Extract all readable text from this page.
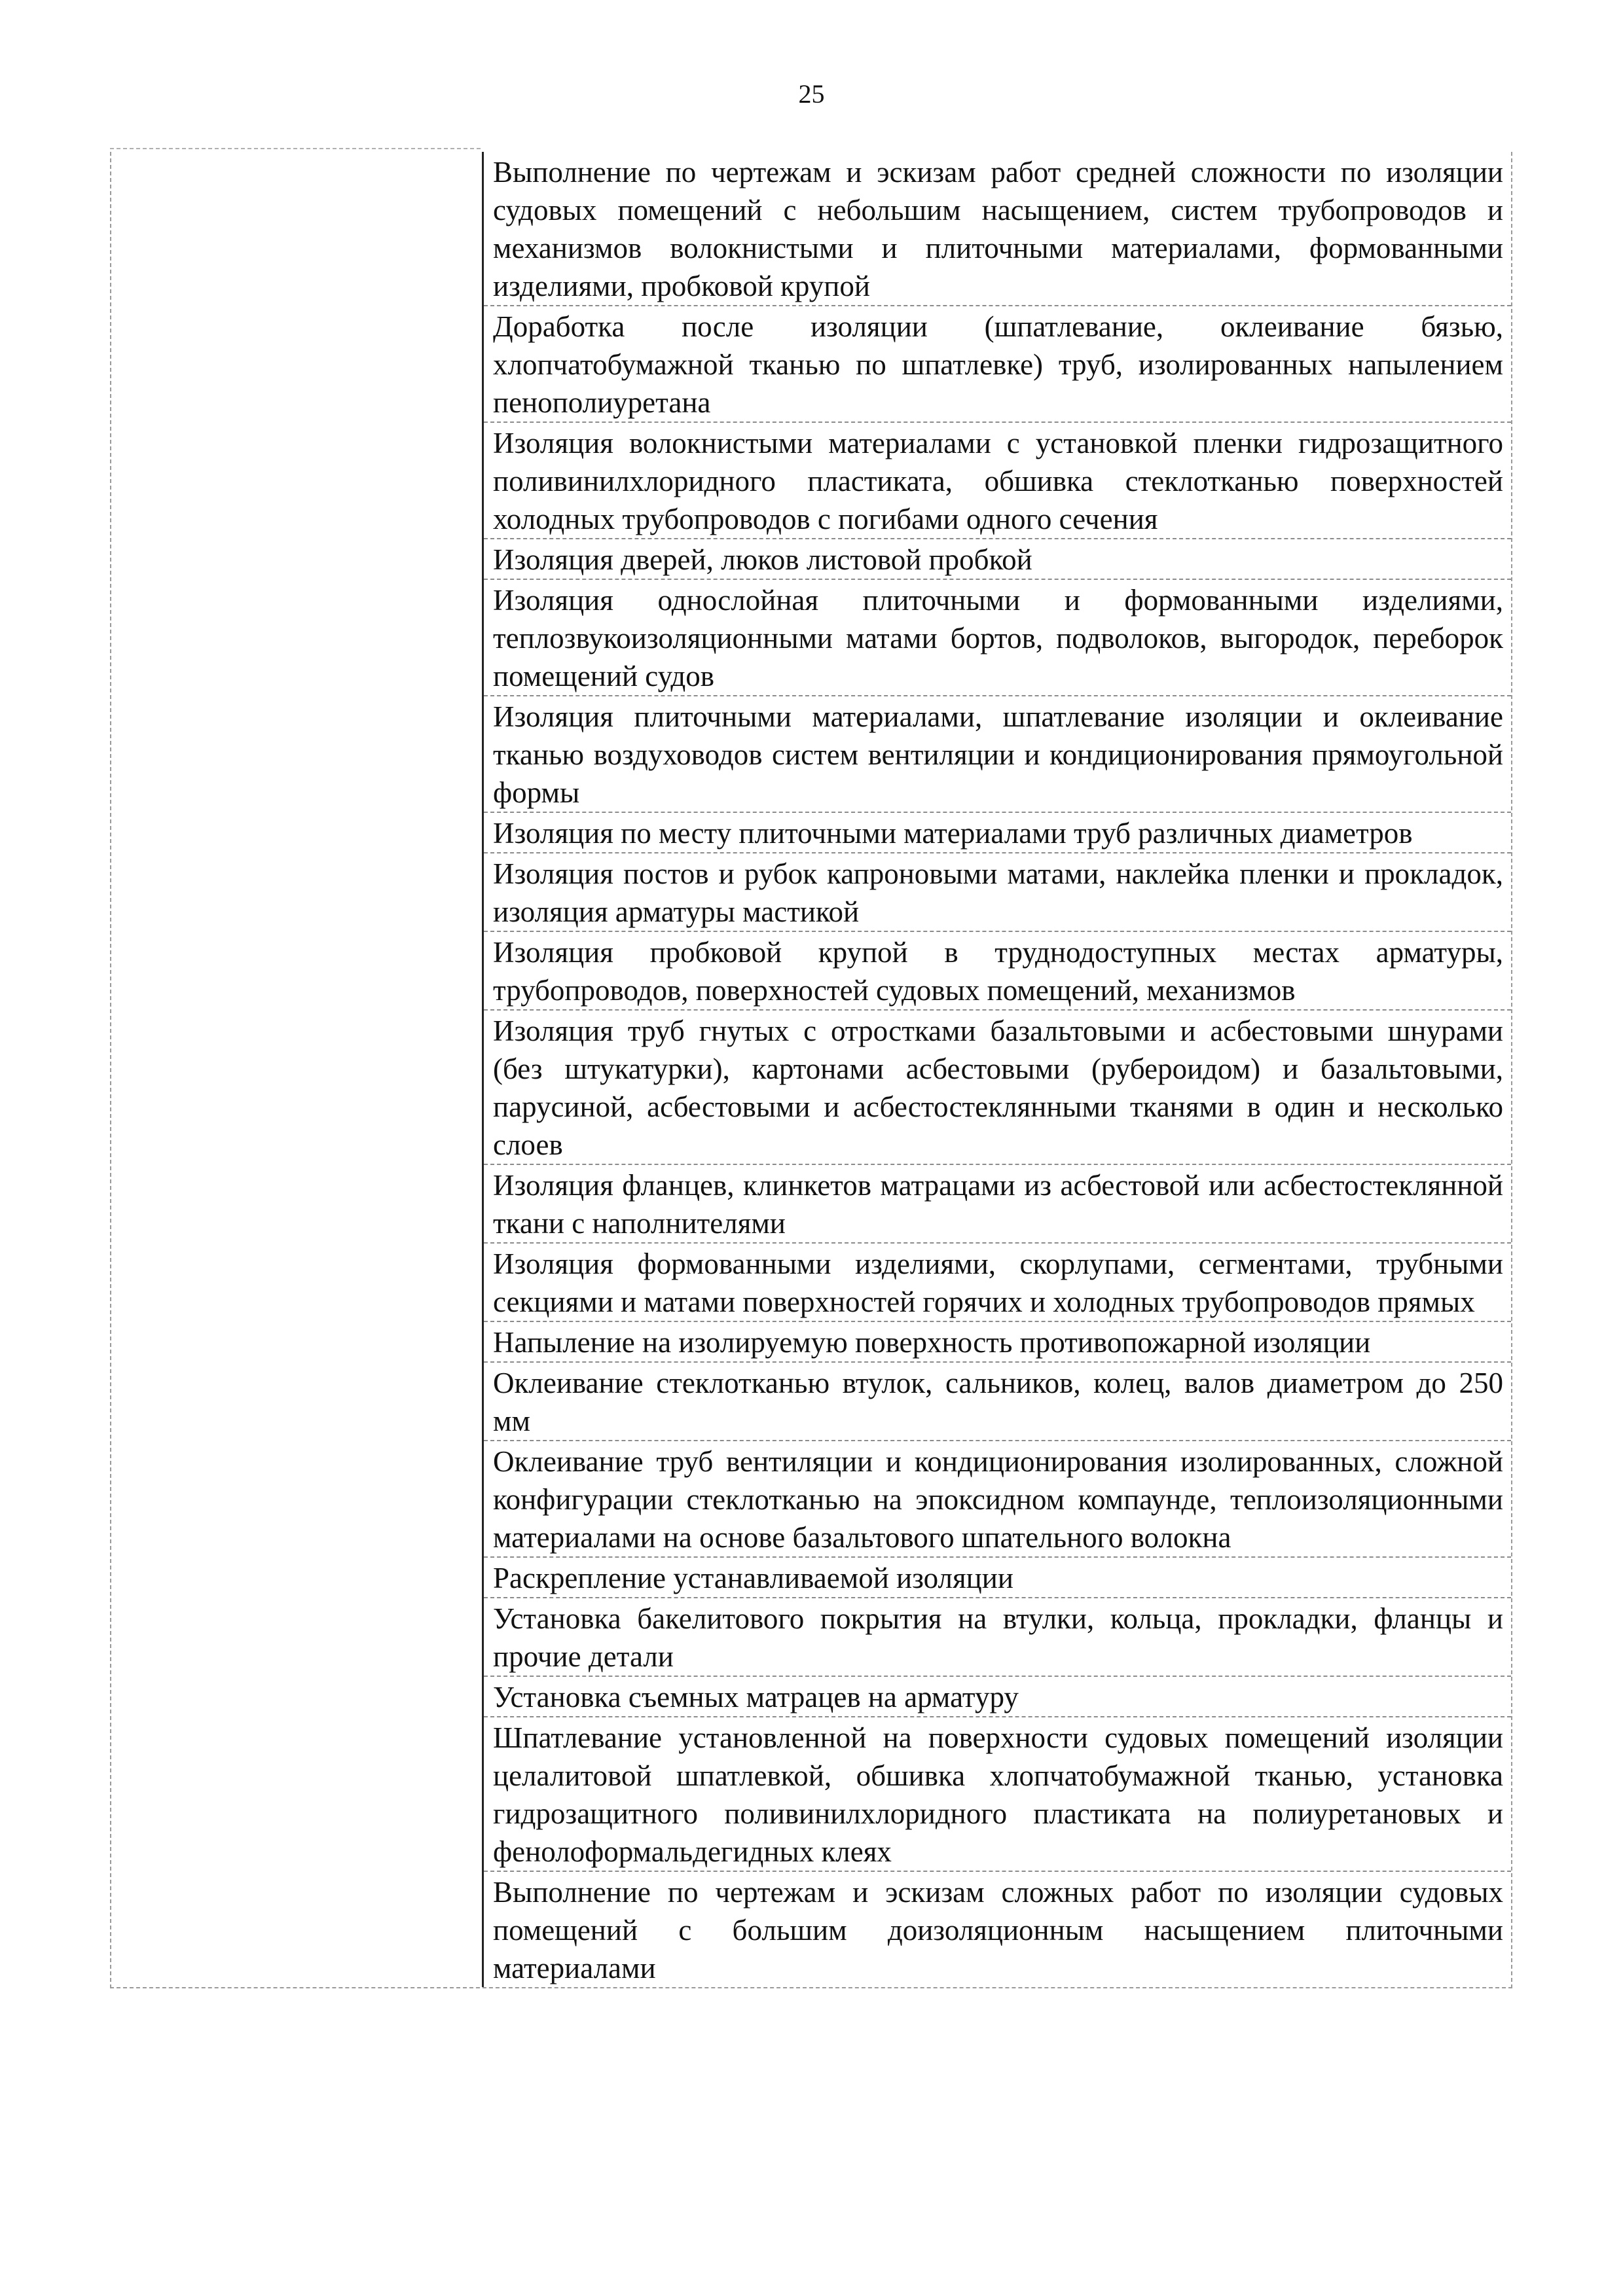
25
Выполнение по чертежам и эскизам работ средней сложности по изоляции судовых помещений с небольшим насыщением, систем трубопроводов и механизмов волокнистыми и плиточными материалами, формованными изделиями, пробковой крупой
Доработка после изоляции (шпатлевание, оклеивание бязью, хлопчатобумажной тканью по шпатлевке) труб, изолированных напылением пенополиуретана
Изоляция волокнистыми материалами с установкой пленки гидрозащитного поливинилхлоридного пластиката, обшивка стеклотканью поверхностей холодных трубопроводов с погибами одного сечения
Изоляция дверей, люков листовой пробкой
Изоляция однослойная плиточными и формованными изделиями, теплозвукоизоляционными матами бортов, подволоков, выгородок, переборок помещений судов
Изоляция плиточными материалами, шпатлевание изоляции и оклеивание тканью воздуховодов систем вентиляции и кондиционирования прямоугольной формы
Изоляция по месту плиточными материалами труб различных диаметров
Изоляция постов и рубок капроновыми матами, наклейка пленки и прокладок, изоляция арматуры мастикой
Изоляция пробковой крупой в труднодоступных местах арматуры, трубопроводов, поверхностей судовых помещений, механизмов
Изоляция труб гнутых с отростками базальтовыми и асбестовыми шнурами (без штукатурки), картонами асбестовыми (рубероидом) и базальтовыми, парусиной, асбестовыми и асбестостеклянными тканями в один и несколько слоев
Изоляция фланцев, клинкетов матрацами из асбестовой или асбестостеклянной ткани с наполнителями
Изоляция формованными изделиями, скорлупами, сегментами, трубными секциями и матами поверхностей горячих и холодных трубопроводов прямых
Напыление на изолируемую поверхность противопожарной изоляции
Оклеивание стеклотканью втулок, сальников, колец, валов диаметром до 250 мм
Оклеивание труб вентиляции и кондиционирования изолированных, сложной конфигурации стеклотканью на эпоксидном компаунде, теплоизоляционными материалами на основе базальтового шпательного волокна
Раскрепление устанавливаемой изоляции
Установка бакелитового покрытия на втулки, кольца, прокладки, фланцы и прочие детали
Установка съемных матрацев на арматуру
Шпатлевание установленной на поверхности судовых помещений изоляции целалитовой шпатлевкой, обшивка хлопчатобумажной тканью, установка гидрозащитного поливинилхлоридного пластиката на полиуретановых и фенолоформальдегидных клеях
Выполнение по чертежам и эскизам сложных работ по изоляции судовых помещений с большим доизоляционным насыщением плиточными материалами
